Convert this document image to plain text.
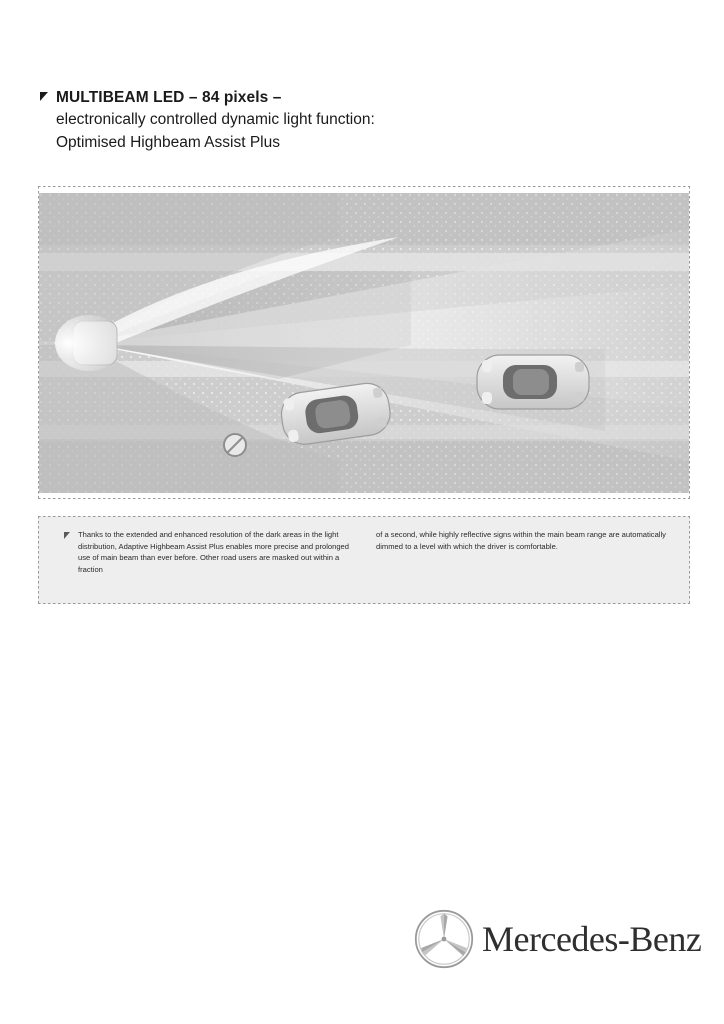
MULTIBEAM LED – 84 pixels –
electronically controlled dynamic light function:
Optimised Highbeam Assist Plus
Thanks to the extended and enhanced resolution of the dark areas in the light distribution, Adaptive Highbeam Assist Plus enables more precise and prolonged use of main beam than ever before. Other road users are masked out within a fraction
of a second, while highly reflective signs within the main beam range are automatically dimmed to a level with which the driver is comfortable.
Mercedes-Benz
